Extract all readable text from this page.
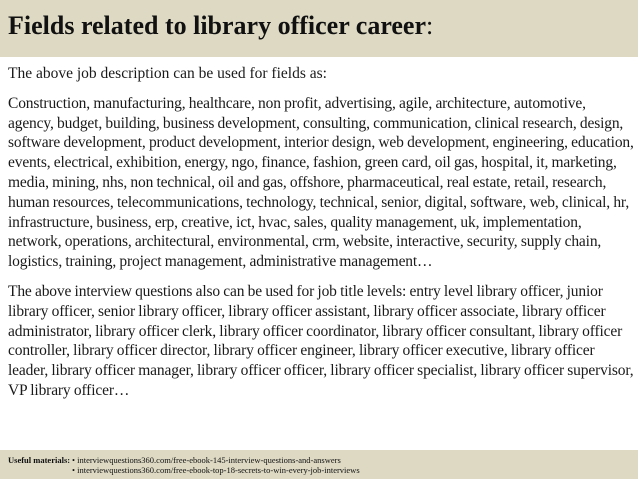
Fields related to library officer career:

The above job description can be used for fields as:

Construction, manufacturing, healthcare, non profit, advertising, agile, architecture, automotive, agency, budget, building, business development, consulting, communication, clinical research, design, software development, product development, interior design, web development, engineering, education, events, electrical, exhibition, energy, ngo, finance, fashion, green card, oil gas, hospital, it, marketing, media, mining, nhs, non technical, oil and gas, offshore, pharmaceutical, real estate, retail, research, human resources, telecommunications, technology, technical, senior, digital, software, web, clinical, hr, infrastructure, business, erp, creative, ict, hvac, sales, quality management, uk, implementation, network, operations, architectural, environmental, crm, website, interactive, security, supply chain, logistics, training, project management, administrative management…

The above interview questions also can be used for job title levels: entry level library officer, junior library officer, senior library officer, library officer assistant, library officer associate, library officer administrator, library officer clerk, library officer coordinator, library officer consultant, library officer controller, library officer director, library officer engineer, library officer executive, library officer leader, library officer manager, library officer officer, library officer specialist, library officer supervisor, VP library officer…

Useful materials: • interviewquestions360.com/free-ebook-145-interview-questions-and-answers
• interviewquestions360.com/free-ebook-top-18-secrets-to-win-every-job-interviews
